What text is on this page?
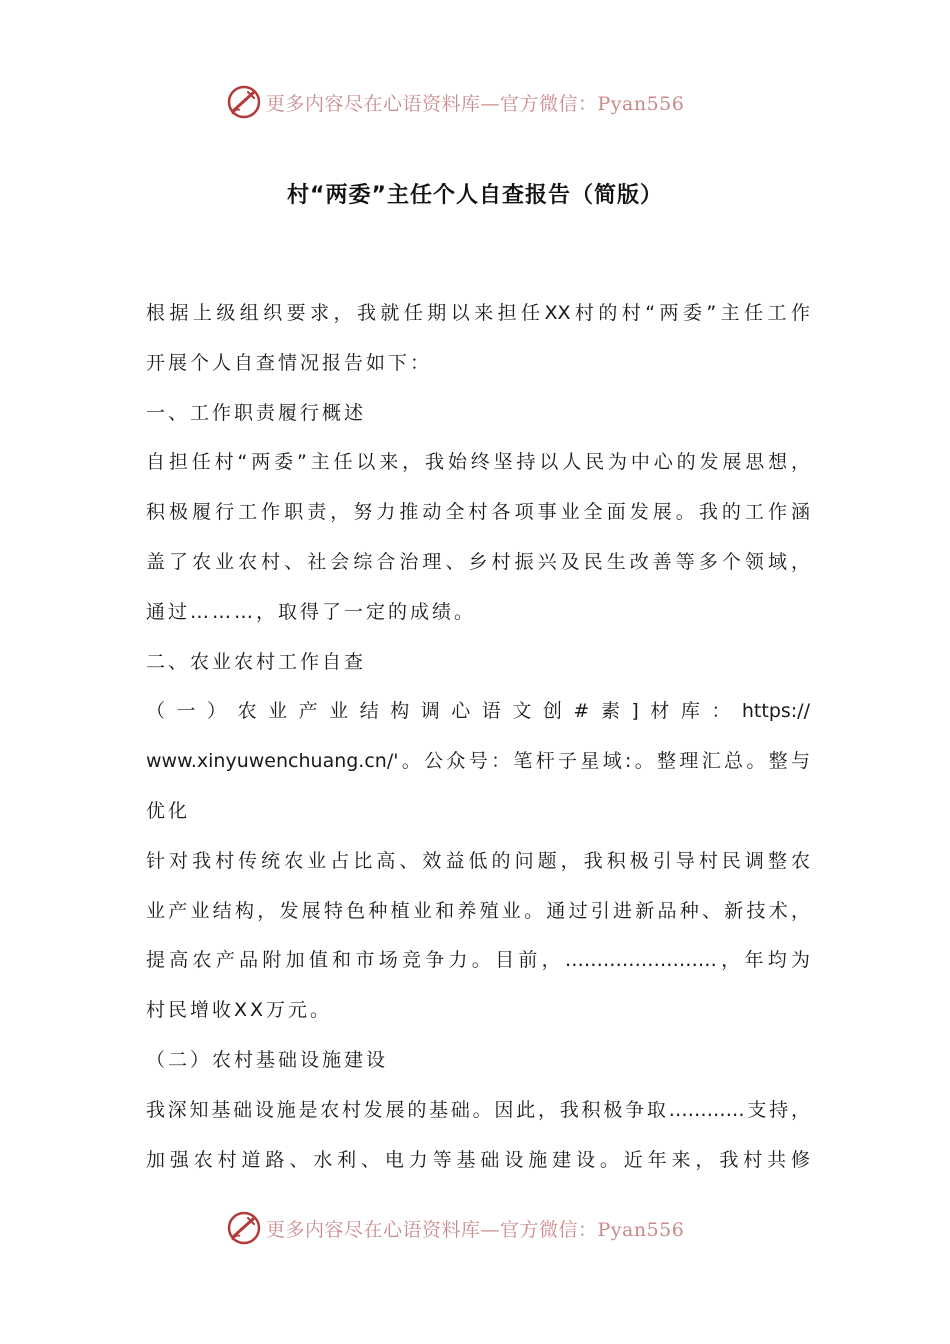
更多内容尽在心语资料库—官方微信：Pyan556
村“两委”主任个人自查报告（简版）
根据上级组织要求，我就任期以来担任XX村的村“两委”主任工作
开展个人自查情况报告如下：
一、工作职责履行概述
自担任村“两委”主任以来，我始终坚持以人民为中心的发展思想，
积极履行工作职责，努力推动全村各项事业全面发展。我的工作涵
盖了农业农村、社会综合治理、乡村振兴及民生改善等多个领域，
通过………，取得了一定的成绩。
二、农业农村工作自查
（一）农业产业结构调心语文创#素]材库：https://
www.xinyuwenchuang.cn/'。公众号：笔杆子星域:。整理汇总。整与
优化
针对我村传统农业占比高、效益低的问题，我积极引导村民调整农
业产业结构，发展特色种植业和养殖业。通过引进新品种、新技术，
提高农产品附加值和市场竞争力。目前，……………………，年均为
村民增收XX万元。
（二）农村基础设施建设
我深知基础设施是农村发展的基础。因此，我积极争取…………支持，
加强农村道路、水利、电力等基础设施建设。近年来，我村共修
更多内容尽在心语资料库—官方微信：Pyan556
